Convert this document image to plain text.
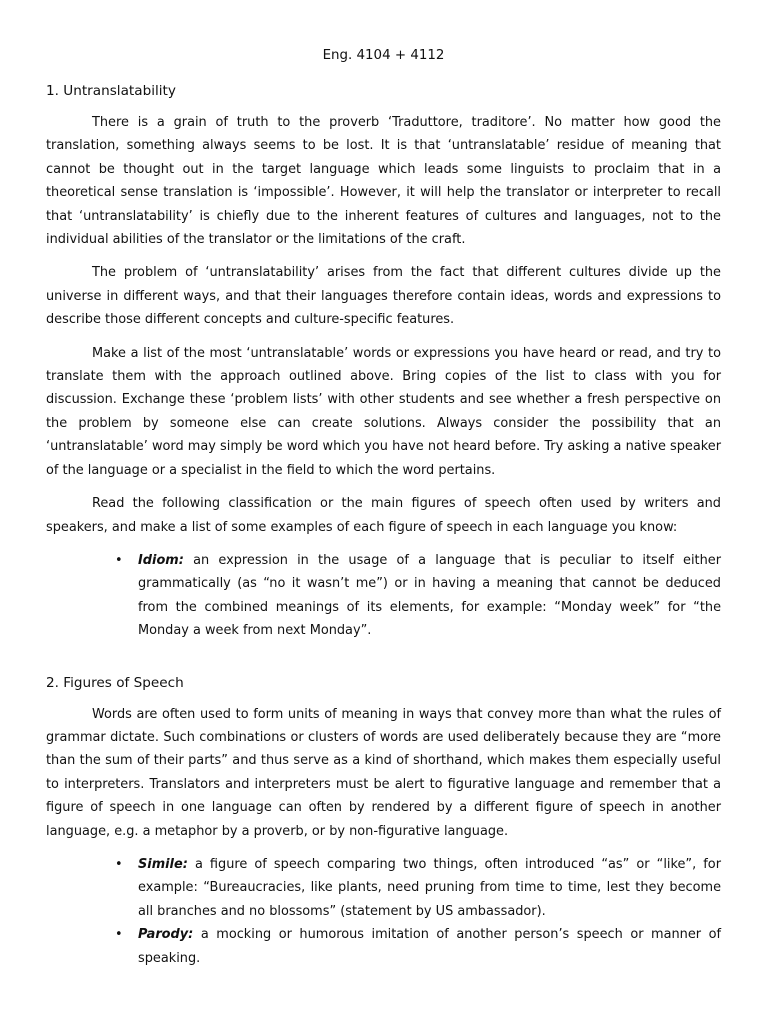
Eng. 4104 + 4112
1. Untranslatability

There is a grain of truth to the proverb ‘Traduttore, traditore’. No matter how good the translation, something always seems to be lost. It is that ‘untranslatable’ residue of meaning that cannot be thought out in the target language which leads some linguists to proclaim that in a theoretical sense translation is ‘impossible’. However, it will help the translator or interpreter to recall that ‘untranslatability’ is chiefly due to the inherent features of cultures and languages, not to the individual abilities of the translator or the limitations of the craft.

The problem of ‘untranslatability’ arises from the fact that different cultures divide up the universe in different ways, and that their languages therefore contain ideas, words and expressions to describe those different concepts and culture-specific features.

Make a list of the most ‘untranslatable’ words or expressions you have heard or read, and try to translate them with the approach outlined above. Bring copies of the list to class with you for discussion. Exchange these ‘problem lists’ with other students and see whether a fresh perspective on the problem by someone else can create solutions. Always consider the possibility that an ‘untranslatable’ word may simply be word which you have not heard before. Try asking a native speaker of the language or a specialist in the field to which the word pertains.

Read the following classification or the main figures of speech often used by writers and speakers, and make a list of some examples of each figure of speech in each language you know:

• Idiom: an expression in the usage of a language that is peculiar to itself either grammatically (as “no it wasn’t me”) or in having a meaning that cannot be deduced from the combined meanings of its elements, for example: “Monday week” for “the Monday a week from next Monday”.
2. Figures of Speech

Words are often used to form units of meaning in ways that convey more than what the rules of grammar dictate. Such combinations or clusters of words are used deliberately because they are “more than the sum of their parts” and thus serve as a kind of shorthand, which makes them especially useful to interpreters. Translators and interpreters must be alert to figurative language and remember that a figure of speech in one language can often by rendered by a different figure of speech in another language, e.g. a metaphor by a proverb, or by non-figurative language.

• Simile: a figure of speech comparing two things, often introduced “as” or “like”, for example: “Bureaucracies, like plants, need pruning from time to time, lest they become all branches and no blossoms” (statement by US ambassador).
• Parody: a mocking or humorous imitation of another person’s speech or manner of speaking.
